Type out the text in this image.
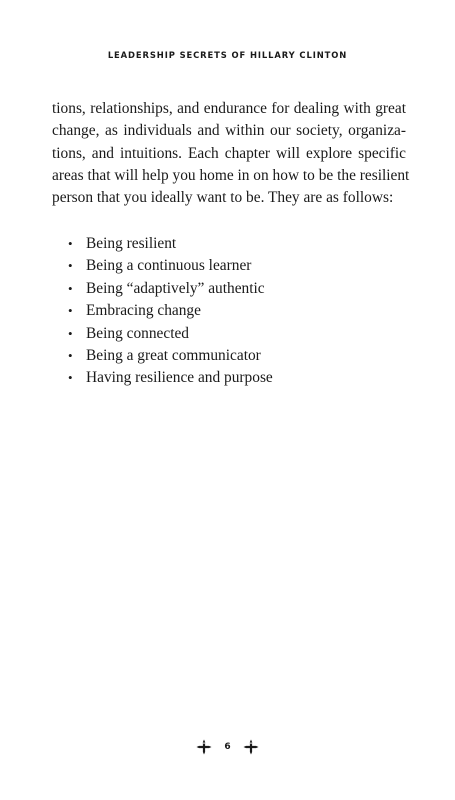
LEADERSHIP SECRETS OF HILLARY CLINTON

tions, relationships, and endurance for dealing with great
change, as individuals and within our society, organiza-
tions, and intuitions. Each chapter will explore specific
areas that will help you home in on how to be the resilient
person that you ideally want to be. They are as follows:

• Being resilient
• Being a continuous learner
• Being “adaptively” authentic
• Embracing change
• Being connected
• Being a great communicator
• Having resilience and purpose
6
